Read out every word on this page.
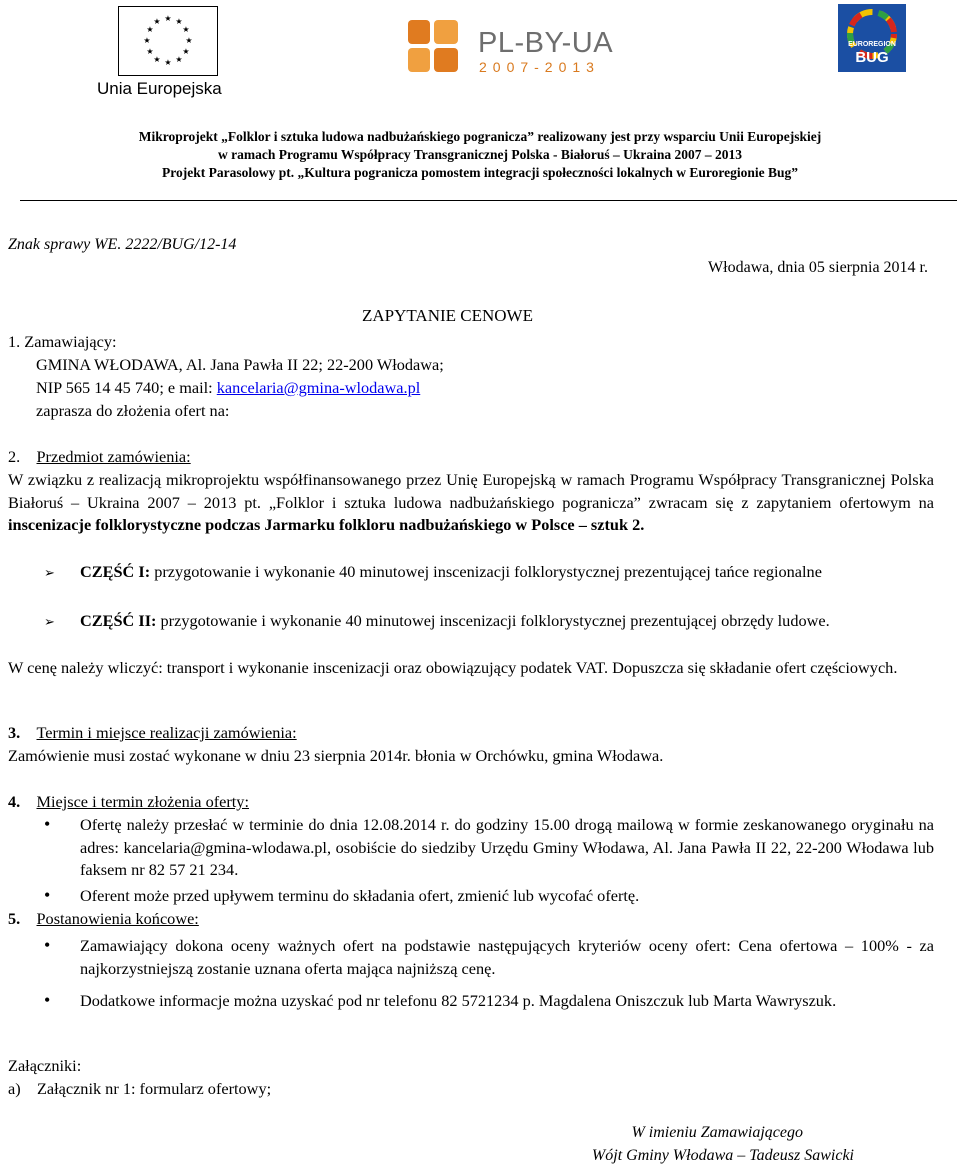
★ ★
★
★
★
★
★
★
★
★
★
★
Unia Europejska
PL-BY-UA
2007-2013
EUROREGION
BUG
Mikroprojekt „Folklor i sztuka ludowa nadbużańskiego pogranicza” realizowany jest przy wsparciu Unii Europejskiej
w ramach Programu Współpracy Transgranicznej Polska - Białoruś – Ukraina 2007 – 2013
Projekt Parasolowy pt. „Kultura pogranicza pomostem integracji społeczności lokalnych w Euroregionie Bug”
Znak sprawy WE. 2222/BUG/12-14
Włodawa, dnia 05 sierpnia 2014 r.
ZAPYTANIE CENOWE
1. Zamawiający:
GMINA WŁODAWA, Al. Jana Pawła II 22; 22-200 Włodawa;
NIP 565 14 45 740; e mail: kancelaria@gmina-wlodawa.pl
zaprasza do złożenia ofert na:
2. Przedmiot zamówienia:
W związku z realizacją mikroprojektu współfinansowanego przez Unię Europejską w ramach Programu Współpracy Transgranicznej Polska Białoruś – Ukraina 2007 – 2013 pt. „Folklor i sztuka ludowa nadbużańskiego pogranicza” zwracam się z zapytaniem ofertowym na inscenizacje folklorystyczne podczas Jarmarku folkloru nadbużańskiego w Polsce – sztuk 2.
➢ CZĘŚĆ I: przygotowanie i wykonanie 40 minutowej inscenizacji folklorystycznej prezentującej tańce regionalne
➢ CZĘŚĆ II: przygotowanie i wykonanie 40 minutowej inscenizacji folklorystycznej prezentującej obrzędy ludowe.
W cenę należy wliczyć: transport i wykonanie inscenizacji oraz obowiązujący podatek VAT. Dopuszcza się składanie ofert częściowych.
3. Termin i miejsce realizacji zamówienia:
Zamówienie musi zostać wykonane w dniu 23 sierpnia 2014r. błonia w Orchówku, gmina Włodawa.
4. Miejsce i termin złożenia oferty:
• Ofertę należy przesłać w terminie do dnia 12.08.2014 r. do godziny 15.00 drogą mailową w formie zeskanowanego oryginału na adres: kancelaria@gmina-wlodawa.pl, osobiście do siedziby Urzędu Gminy Włodawa, Al. Jana Pawła II 22, 22-200 Włodawa lub faksem nr 82 57 21 234.
• Oferent może przed upływem terminu do składania ofert, zmienić lub wycofać ofertę.
5. Postanowienia końcowe:
• Zamawiający dokona oceny ważnych ofert na podstawie następujących kryteriów oceny ofert: Cena ofertowa – 100% - za najkorzystniejszą zostanie uznana oferta mająca najniższą cenę.
• Dodatkowe informacje można uzyskać pod nr telefonu 82 5721234 p. Magdalena Oniszczuk lub Marta Wawryszuk.
Załączniki:
a) Załącznik nr 1: formularz ofertowy;
W imieniu Zamawiającego
Wójt Gminy Włodawa – Tadeusz Sawicki
